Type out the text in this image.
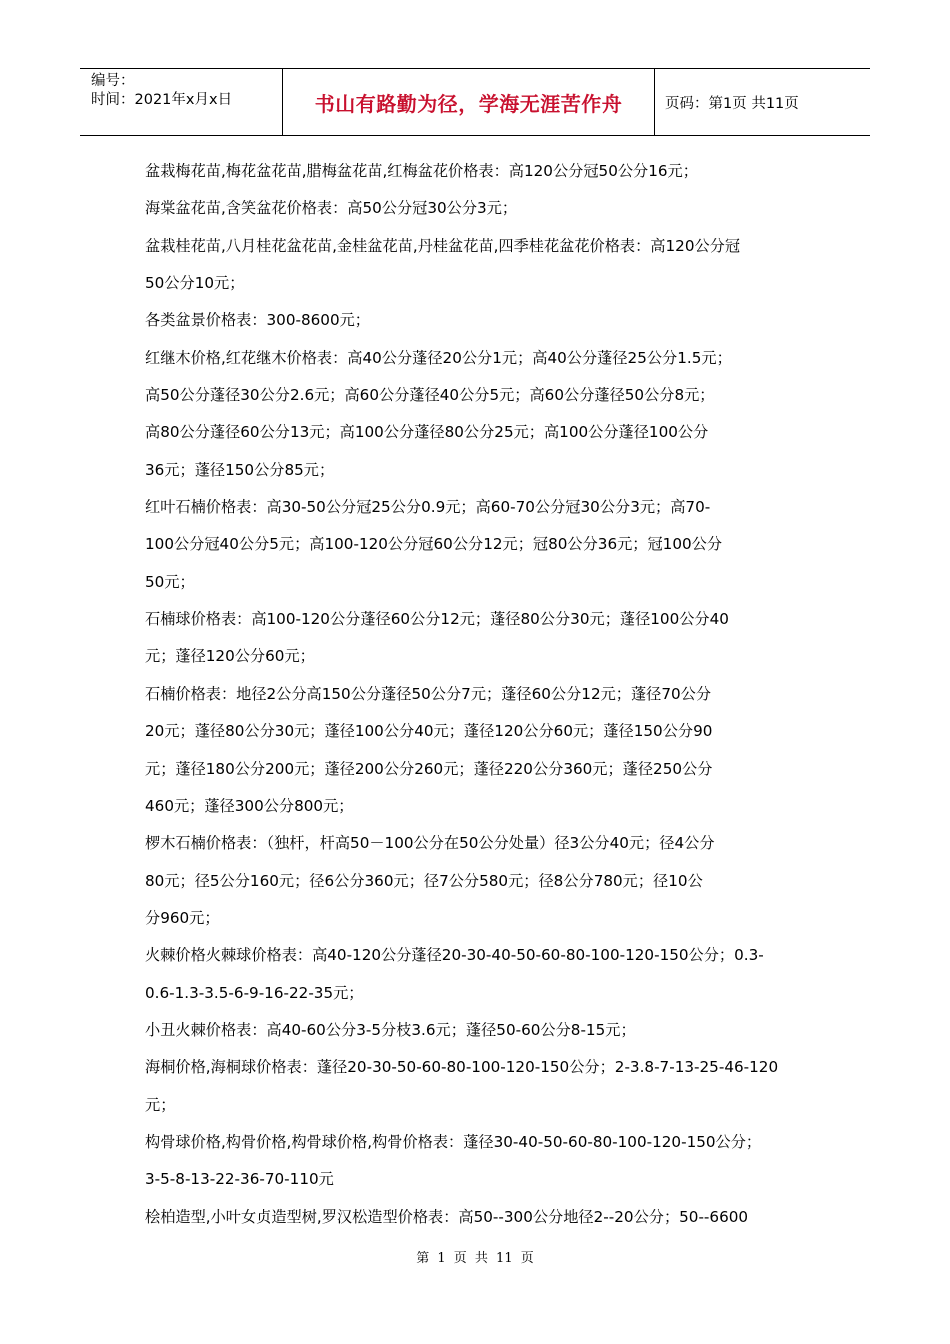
编号：
时间：2021年x月x日	书山有路勤为径，学海无涯苦作舟	页码：第1页 共11页
盆栽梅花苗,梅花盆花苗,腊梅盆花苗,红梅盆花价格表：高120公分冠50公分16元；
海棠盆花苗,含笑盆花价格表：高50公分冠30公分3元；
盆栽桂花苗,八月桂花盆花苗,金桂盆花苗,丹桂盆花苗,四季桂花盆花价格表：高120公分冠
50公分10元；
各类盆景价格表：300-8600元；
红继木价格,红花继木价格表：高40公分蓬径20公分1元；高40公分蓬径25公分1.5元；
高50公分蓬径30公分2.6元；高60公分蓬径40公分5元；高60公分蓬径50公分8元；
高80公分蓬径60公分13元；高100公分蓬径80公分25元；高100公分蓬径100公分
36元；蓬径150公分85元；
红叶石楠价格表：高30-50公分冠25公分0.9元；高60-70公分冠30公分3元；高70-
100公分冠40公分5元；高100-120公分冠60公分12元；冠80公分36元；冠100公分
50元；
石楠球价格表：高100-120公分蓬径60公分12元；蓬径80公分30元；蓬径100公分40
元；蓬径120公分60元；
石楠价格表：地径2公分高150公分蓬径50公分7元；蓬径60公分12元；蓬径70公分
20元；蓬径80公分30元；蓬径100公分40元；蓬径120公分60元；蓬径150公分90
元；蓬径180公分200元；蓬径200公分260元；蓬径220公分360元；蓬径250公分
460元；蓬径300公分800元；
椤木石楠价格表：（独杆，杆高50－100公分在50公分处量）径3公分40元；径4公分
80元；径5公分160元；径6公分360元；径7公分580元；径8公分780元；径10公
分960元；
火棘价格火棘球价格表：高40-120公分蓬径20-30-40-50-60-80-100-120-150公分；0.3-
0.6-1.3-3.5-6-9-16-22-35元；
小丑火棘价格表：高40-60公分3-5分枝3.6元；蓬径50-60公分8-15元；
海桐价格,海桐球价格表：蓬径20-30-50-60-80-100-120-150公分；2-3.8-7-13-25-46-120
元；
构骨球价格,构骨价格,构骨球价格,构骨价格表：蓬径30-40-50-60-80-100-120-150公分；
3-5-8-13-22-36-70-110元
桧柏造型,小叶女贞造型树,罗汉松造型价格表：高50--300公分地径2--20公分；50--6600
第 1 页 共 11 页
